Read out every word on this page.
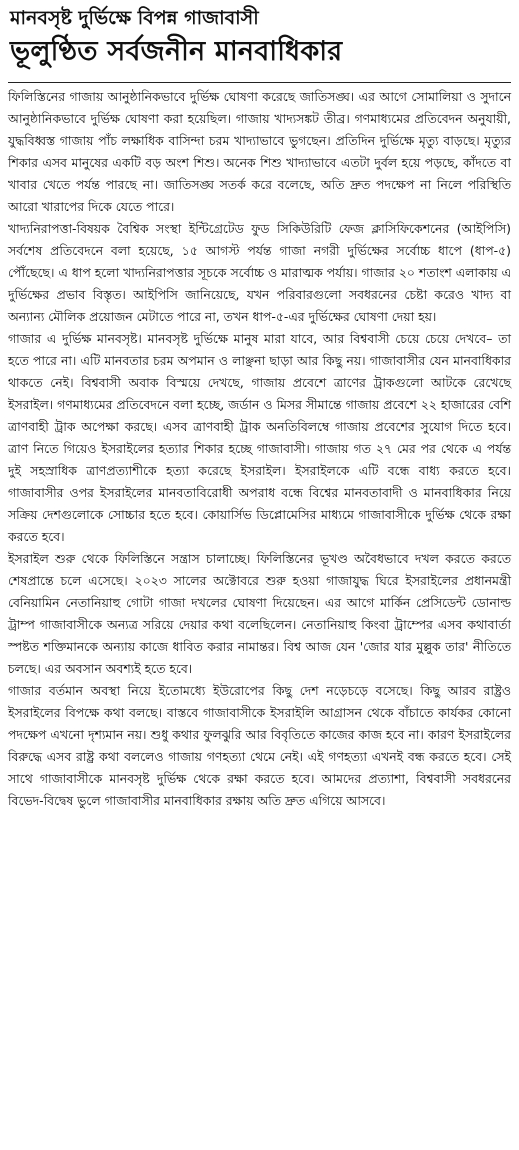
মানবসৃষ্ট দুর্ভিক্ষে বিপন্ন গাজাবাসী
ভূলুণ্ঠিত সর্বজনীন মানবাধিকার

ফিলিস্তিনের গাজায় আনুষ্ঠানিকভাবে দুর্ভিক্ষ ঘোষণা করেছে জাতিসঙ্ঘ। এর আগে সোমালিয়া ও সুদানে আনুষ্ঠানিকভাবে দুর্ভিক্ষ ঘোষণা করা হয়েছিল। গাজায় খাদ্যসঙ্কট তীব্র। গণমাধ্যমের প্রতিবেদন অনুযায়ী, যুদ্ধবিধ্বস্ত গাজায় পাঁচ লক্ষাধিক বাসিন্দা চরম খাদ্যাভাবে ভুগছেন। প্রতিদিন দুর্ভিক্ষে মৃত্যু বাড়ছে। মৃত্যুর শিকার এসব মানুষের একটি বড় অংশ শিশু। অনেক শিশু খাদ্যাভাবে এতটা দুর্বল হয়ে পড়ছে, কাঁদতে বা খাবার খেতে পর্যন্ত পারছে না। জাতিসঙ্ঘ সতর্ক করে বলেছে, অতি দ্রুত পদক্ষেপ না নিলে পরিস্থিতি আরো খারাপের দিকে যেতে পারে।

খাদ্যনিরাপত্তা-বিষয়ক বৈশ্বিক সংস্থা ইন্টিগ্রেটেড ফুড সিকিউরিটি ফেজ ক্লাসিফিকেশনের (আইপিসি) সর্বশেষ প্রতিবেদনে বলা হয়েছে, ১৫ আগস্ট পর্যন্ত গাজা নগরী দুর্ভিক্ষের সর্বোচ্চ ধাপে (ধাপ-৫) পৌঁছেছে। এ ধাপ হলো খাদ্যনিরাপত্তার সূচকে সর্বোচ্চ ও মারাত্মক পর্যায়। গাজার ২০ শতাংশ এলাকায় এ দুর্ভিক্ষের প্রভাব বিস্তৃত। আইপিসি জানিয়েছে, যখন পরিবারগুলো সবধরনের চেষ্টা করেও খাদ্য বা অন্যান্য মৌলিক প্রয়োজন মেটাতে পারে না, তখন ধাপ-৫-এর দুর্ভিক্ষের ঘোষণা দেয়া হয়।

গাজার এ দুর্ভিক্ষ মানবসৃষ্ট। মানবসৃষ্ট দুর্ভিক্ষে মানুষ মারা যাবে, আর বিশ্ববাসী চেয়ে চেয়ে দেখবে– তা হতে পারে না। এটি মানবতার চরম অপমান ও লাঞ্ছনা ছাড়া আর কিছু নয়। গাজাবাসীর যেন মানবাধিকার থাকতে নেই। বিশ্ববাসী অবাক বিস্ময়ে দেখছে, গাজায় প্রবেশে ত্রাণের ট্রাকগুলো আটকে রেখেছে ইসরাইল। গণমাধ্যমের প্রতিবেদনে বলা হচ্ছে, জর্ডান ও মিসর সীমান্তে গাজায় প্রবেশে ২২ হাজারের বেশি ত্রাণবাহী ট্রাক অপেক্ষা করছে। এসব ত্রাণবাহী ট্রাক অনতিবিলম্বে গাজায় প্রবেশের সুযোগ দিতে হবে। ত্রাণ নিতে গিয়েও ইসরাইলের হত্যার শিকার হচ্ছে গাজাবাসী। গাজায় গত ২৭ মের পর থেকে এ পর্যন্ত দুই সহস্রাধিক ত্রাণপ্রত্যাশীকে হত্যা করেছে ইসরাইল। ইসরাইলকে এটি বন্ধে বাধ্য করতে হবে। গাজাবাসীর ওপর ইসরাইলের মানবতাবিরোধী অপরাধ বন্ধে বিশ্বের মানবতাবাদী ও মানবাধিকার নিয়ে সক্রিয় দেশগুলোকে সোচ্চার হতে হবে। কোয়ার্সিভ ডিপ্লোমেসির মাধ্যমে গাজাবাসীকে দুর্ভিক্ষ থেকে রক্ষা করতে হবে।

ইসরাইল শুরু থেকে ফিলিস্তিনে সন্ত্রাস চালাচ্ছে। ফিলিস্তিনের ভূখণ্ড অবৈধভাবে দখল করতে করতে শেষপ্রান্তে চলে এসেছে। ২০২৩ সালের অক্টোবরে শুরু হওয়া গাজাযুদ্ধ ঘিরে ইসরাইলের প্রধানমন্ত্রী বেনিয়ামিন নেতানিয়াহু গোটা গাজা দখলের ঘোষণা দিয়েছেন। এর আগে মার্কিন প্রেসিডেন্ট ডোনাল্ড ট্রাম্প গাজাবাসীকে অন্যত্র সরিয়ে দেয়ার কথা বলেছিলেন। নেতানিয়াহু কিংবা ট্রাম্পের এসব কথাবার্তা স্পষ্টত শক্তিমানকে অন্যায় কাজে ধাবিত করার নামান্তর। বিশ্ব আজ যেন 'জোর যার মুল্লুক তার' নীতিতে চলছে। এর অবসান অবশ্যই হতে হবে।

গাজার বর্তমান অবস্থা নিয়ে ইতোমধ্যে ইউরোপের কিছু দেশ নড়েচড়ে বসেছে। কিছু আরব রাষ্ট্রও ইসরাইলের বিপক্ষে কথা বলছে। বাস্তবে গাজাবাসীকে ইসরাইলি আগ্রাসন থেকে বাঁচাতে কার্যকর কোনো পদক্ষেপ এখনো দৃশ্যমান নয়। শুধু কথার ফুলঝুরি আর বিবৃতিতে কাজের কাজ হবে না। কারণ ইসরাইলের বিরুদ্ধে এসব রাষ্ট্র কথা বললেও গাজায় গণহত্যা থেমে নেই। এই গণহত্যা এখনই বন্ধ করতে হবে। সেই সাথে গাজাবাসীকে মানবসৃষ্ট দুর্ভিক্ষ থেকে রক্ষা করতে হবে। আমদের প্রত্যাশা, বিশ্ববাসী সবধরনের বিভেদ-বিদ্বেষ ভুলে গাজাবাসীর মানবাধিকার রক্ষায় অতি দ্রুত এগিয়ে আসবে।
